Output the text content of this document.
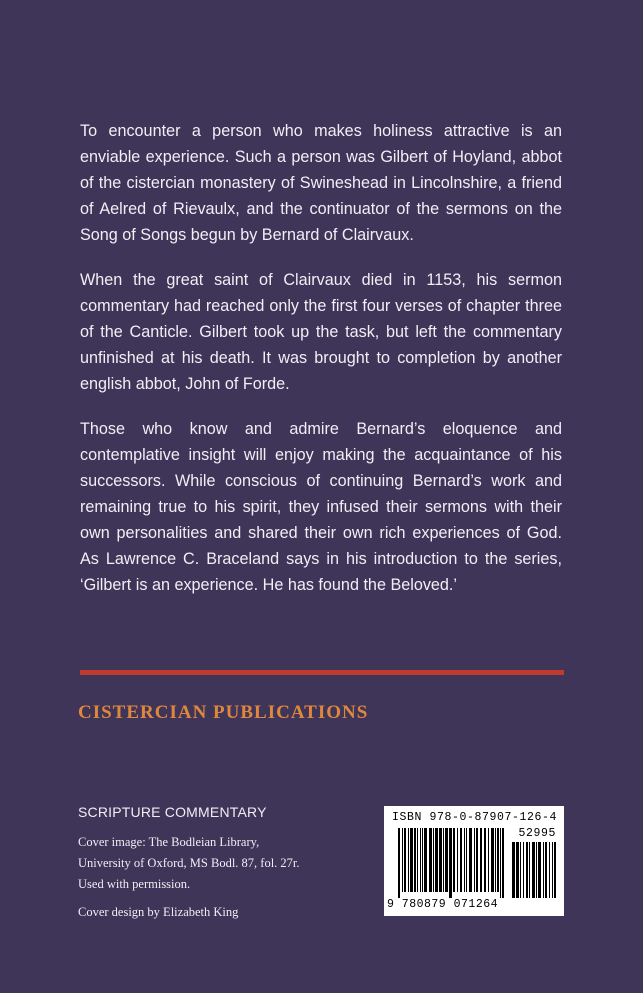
To encounter a person who makes holiness attractive is an enviable experience. Such a person was Gilbert of Hoyland, abbot of the cistercian monastery of Swineshead in Lincolnshire, a friend of Aelred of Rievaulx, and the continuator of the sermons on the Song of Songs begun by Bernard of Clairvaux.

When the great saint of Clairvaux died in 1153, his sermon commentary had reached only the first four verses of chapter three of the Canticle. Gilbert took up the task, but left the commentary unfinished at his death. It was brought to completion by another english abbot, John of Forde.

Those who know and admire Bernard’s eloquence and contemplative insight will enjoy making the acquaintance of his successors. While conscious of continuing Bernard’s work and remaining true to his spirit, they infused their sermons with their own personalities and shared their own rich experiences of God. As Lawrence C. Braceland says in his introduction to the series, ‘Gilbert is an experience. He has found the Beloved.’

CISTERCIAN PUBLICATIONS
SCRIPTURE COMMENTARY
Cover image: The Bodleian Library,
University of Oxford, MS Bodl. 87, fol. 27r.
Used with permission.
Cover design by Elizabeth King
ISBN 978-0-87907-126-4
52995
9 780879 071264
